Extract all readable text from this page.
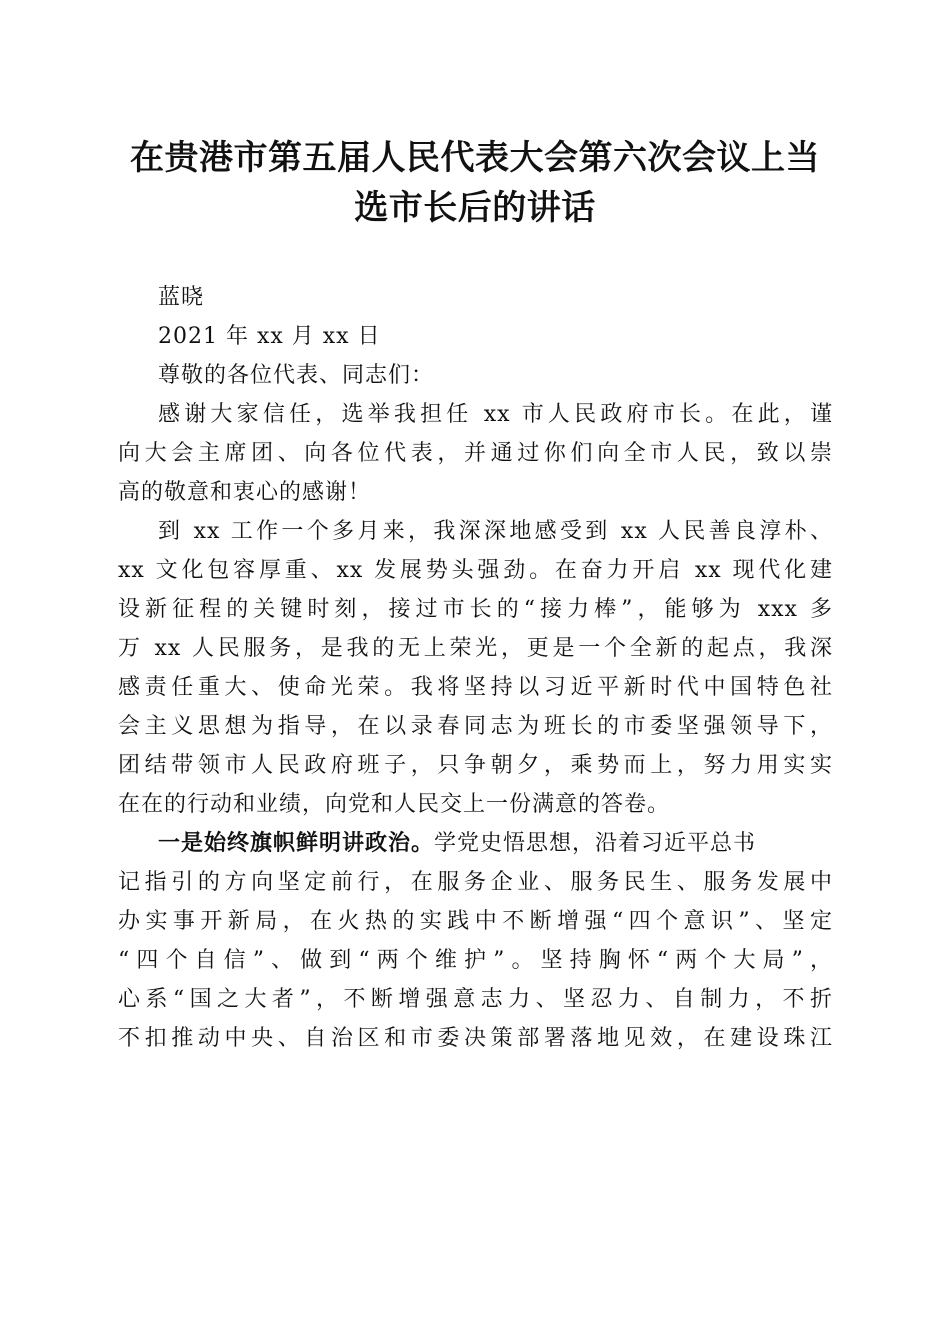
在贵港市第五届人民代表大会第六次会议上当
选市长后的讲话
蓝晓
2021 年 xx 月 xx 日
尊敬的各位代表、同志们：
感谢大家信任，选举我担任 xx 市人民政府市长。在此，谨
向大会主席团、向各位代表，并通过你们向全市人民，致以崇
高的敬意和衷心的感谢！
到 xx 工作一个多月来，我深深地感受到 xx 人民善良淳朴、
xx 文化包容厚重、xx 发展势头强劲。在奋力开启 xx 现代化建
设新征程的关键时刻，接过市长的“接力棒”，能够为 xxx 多
万 xx 人民服务，是我的无上荣光，更是一个全新的起点，我深
感责任重大、使命光荣。我将坚持以习近平新时代中国特色社
会主义思想为指导，在以录春同志为班长的市委坚强领导下，
团结带领市人民政府班子，只争朝夕，乘势而上，努力用实实
在在的行动和业绩，向党和人民交上一份满意的答卷。
一是始终旗帜鲜明讲政治。学党史悟思想，沿着习近平总书
记指引的方向坚定前行，在服务企业、服务民生、服务发展中
办实事开新局，在火热的实践中不断增强“四个意识”、坚定
“四个自信”、做到“两个维护”。坚持胸怀“两个大局”，
心系“国之大者”，不断增强意志力、坚忍力、自制力，不折
不扣推动中央、自治区和市委决策部署落地见效，在建设珠江
